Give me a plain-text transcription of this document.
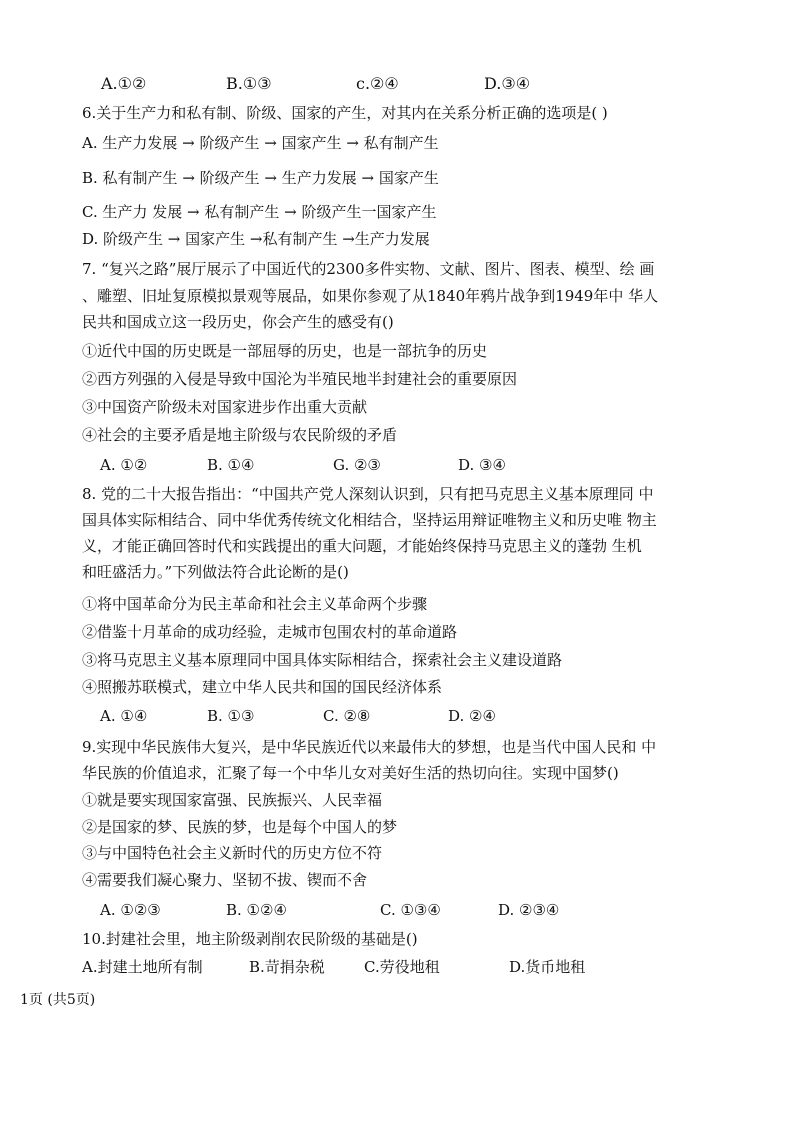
A.①②	B.①③	c.②④	D.③④
6.关于生产力和私有制、阶级、国家的产生，对其内在关系分析正确的选项是( )
A. 生产力发展 → 阶级产生 → 国家产生 → 私有制产生
B. 私有制产生 → 阶级产生 → 生产力发展 → 国家产生
C. 生产力 发展 → 私有制产生 → 阶级产生一国家产生
D. 阶级产生 → 国家产生 →私有制产生 →生产力发展
7. “复兴之路”展厅展示了中国近代的2300多件实物、文献、图片、图表、模型、绘 画
、雕塑、旧址复原模拟景观等展品，如果你参观了从1840年鸦片战争到1949年中 华人
民共和国成立这一段历史，你会产生的感受有()
①近代中国的历史既是一部屈辱的历史，也是一部抗争的历史
②西方列强的入侵是导致中国沦为半殖民地半封建社会的重要原因
③中国资产阶级未对国家进步作出重大贡献
④社会的主要矛盾是地主阶级与农民阶级的矛盾
A. ①②	B. ①④	G. ②③	D. ③④
8. 党的二十大报告指出：“中国共产党人深刻认识到，只有把马克思主义基本原理同 中
国具体实际相结合、同中华优秀传统文化相结合，坚持运用辩证唯物主义和历史唯 物主
义，才能正确回答时代和实践提出的重大问题，才能始终保持马克思主义的蓬勃 生机
和旺盛活力。”下列做法符合此论断的是()
①将中国革命分为民主革命和社会主义革命两个步骤
②借鉴十月革命的成功经验，走城市包围农村的革命道路
③将马克思主义基本原理同中国具体实际相结合，探索社会主义建设道路
④照搬苏联模式，建立中华人民共和国的国民经济体系
A. ①④	B. ①③	C. ②⑧	D. ②④
9.实现中华民族伟大复兴，是中华民族近代以来最伟大的梦想，也是当代中国人民和 中
华民族的价值追求，汇聚了每一个中华儿女对美好生活的热切向往。实现中国梦()
①就是要实现国家富强、民族振兴、人民幸福
②是国家的梦、民族的梦，也是每个中国人的梦
③与中国特色社会主义新时代的历史方位不符
④需要我们凝心聚力、坚韧不拔、锲而不舍
A. ①②③	B. ①②④	C. ①③④	D. ②③④
10.封建社会里，地主阶级剥削农民阶级的基础是()
A.封建土地所有制	B.苛捐杂税	C.劳役地租	D.货币地租
1页 (共5页)
